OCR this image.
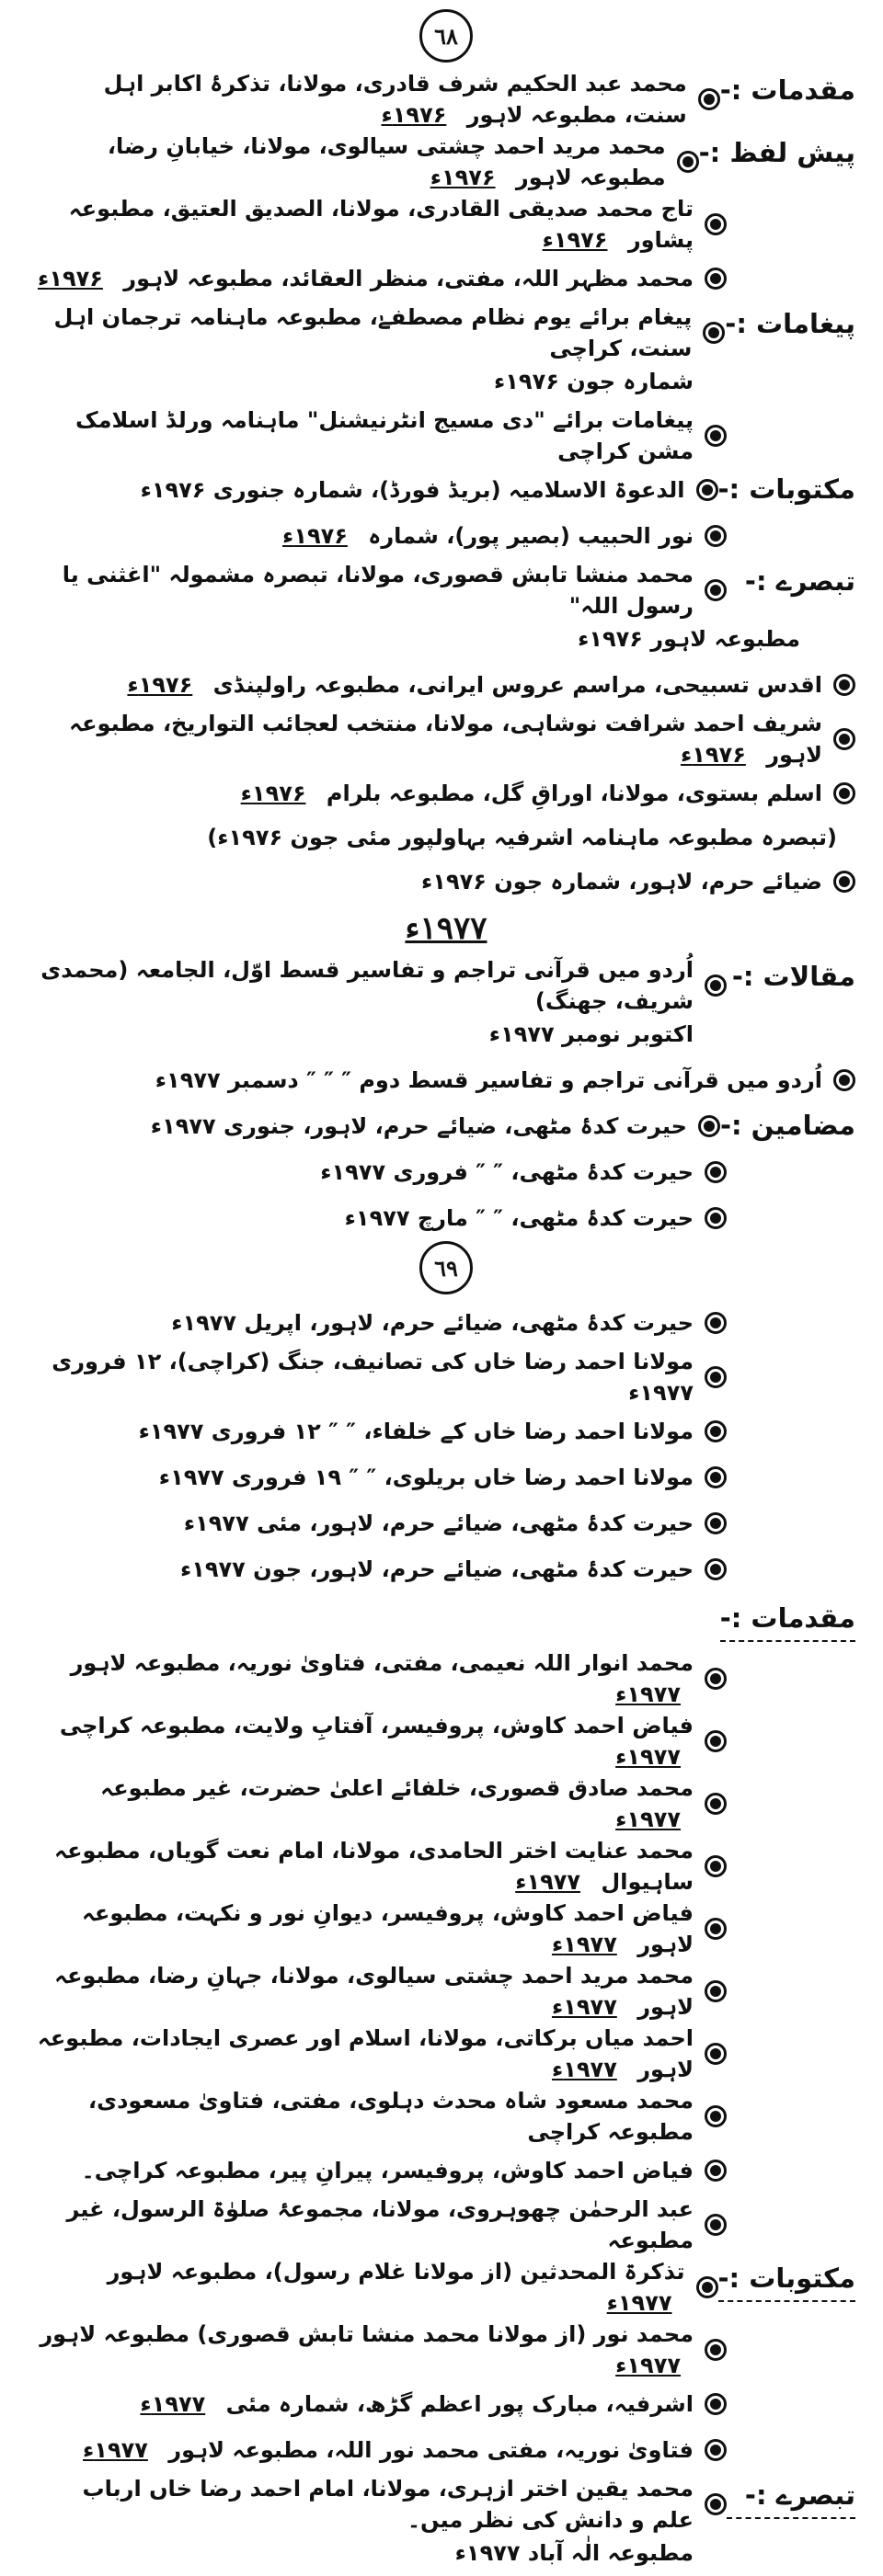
٦٨
مقدمات :-
محمد عبد الحکیم شرف قادری، مولانا، تذکرۂ اکابر اہل سنت، مطبوعہ لاہور ۱۹۷۶ء
پیش لفظ :-
محمد مرید احمد چشتی سیالوی، مولانا، خیابانِ رضا، مطبوعہ لاہور ۱۹۷۶ء
تاج محمد صدیقی القادری، مولانا، الصدیق العتیق، مطبوعہ پشاور ۱۹۷۶ء
محمد مظہر اللہ، مفتی، منظر العقائد، مطبوعہ لاہور ۱۹۷۶ء
پیغامات :-
پیغام برائے یوم نظام مصطفےٰ، مطبوعہ ماہنامہ ترجمان اہل سنت، کراچی
شمارہ جون ۱۹۷۶ء
پیغامات برائے "دی مسیج انٹرنیشنل" ماہنامہ ورلڈ اسلامک مشن کراچی
مکتوبات :-
الدعوۃ الاسلامیہ (بریڈ فورڈ)، شمارہ جنوری ۱۹۷۶ء
نور الحبیب (بصیر پور)، شمارہ ۱۹۷۶ء
تبصرے :-
محمد منشا تابش قصوری، مولانا، تبصرہ مشمولہ "اغثنی یا رسول اللہ"
مطبوعہ لاہور ۱۹۷۶ء
اقدس تسبیحی، مراسم عروس ایرانی، مطبوعہ راولپنڈی ۱۹۷۶ء
شریف احمد شرافت نوشاہی، مولانا، منتخب لعجائب التواریخ، مطبوعہ لاہور ۱۹۷۶ء
اسلم بستوی، مولانا، اوراقِ گل، مطبوعہ بلرام ۱۹۷۶ء
(تبصرہ مطبوعہ ماہنامہ اشرفیہ بہاولپور مئی جون ۱۹۷۶ء)
ضیائے حرم، لاہور، شمارہ جون ۱۹۷۶ء
۱۹۷۷ء
مقالات :-
اُردو میں قرآنی تراجم و تفاسیر قسط اوّل، الجامعہ (محمدی شریف، جھنگ)
اکتوبر نومبر ۱۹۷۷ء
اُردو میں قرآنی تراجم و تفاسیر قسط دوم ″ ″ ″ دسمبر ۱۹۷۷ء
مضامین :-
حیرت کدۂ مٹھی، ضیائے حرم، لاہور، جنوری ۱۹۷۷ء
حیرت کدۂ مٹھی، ″ ″ فروری ۱۹۷۷ء
حیرت کدۂ مٹھی، ″ ″ مارچ ۱۹۷۷ء
٦٩
حیرت کدۂ مٹھی، ضیائے حرم، لاہور، اپریل ۱۹۷۷ء
مولانا احمد رضا خاں کی تصانیف، جنگ (کراچی)، ۱۲ فروری ۱۹۷۷ء
مولانا احمد رضا خاں کے خلفاء، ″ ″ ۱۲ فروری ۱۹۷۷ء
مولانا احمد رضا خاں بریلوی، ″ ″ ۱۹ فروری ۱۹۷۷ء
حیرت کدۂ مٹھی، ضیائے حرم، لاہور، مئی ۱۹۷۷ء
حیرت کدۂ مٹھی، ضیائے حرم، لاہور، جون ۱۹۷۷ء
مقدمات :-
محمد انوار اللہ نعیمی، مفتی، فتاویٰ نوریہ، مطبوعہ لاہور ۱۹۷۷ء
فیاض احمد کاوش، پروفیسر، آفتابِ ولایت، مطبوعہ کراچی ۱۹۷۷ء
محمد صادق قصوری، خلفائے اعلیٰ حضرت، غیر مطبوعہ ۱۹۷۷ء
محمد عنایت اختر الحامدی، مولانا، امام نعت گویاں، مطبوعہ ساہیوال ۱۹۷۷ء
فیاض احمد کاوش، پروفیسر، دیوانِ نور و نکہت، مطبوعہ لاہور ۱۹۷۷ء
محمد مرید احمد چشتی سیالوی، مولانا، جہانِ رضا، مطبوعہ لاہور ۱۹۷۷ء
احمد میاں برکاتی، مولانا، اسلام اور عصری ایجادات، مطبوعہ لاہور ۱۹۷۷ء
محمد مسعود شاہ محدث دہلوی، مفتی، فتاویٰ مسعودی، مطبوعہ کراچی
فیاض احمد کاوش، پروفیسر، پیرانِ پیر، مطبوعہ کراچی۔
عبد الرحمٰن چھوہروی، مولانا، مجموعۂ صلوٰۃ الرسول، غیر مطبوعہ
مکتوبات :-
تذکرۃ المحدثین (از مولانا غلام رسول)، مطبوعہ لاہور ۱۹۷۷ء
محمد نور (از مولانا محمد منشا تابش قصوری) مطبوعہ لاہور ۱۹۷۷ء
اشرفیہ، مبارک پور اعظم گڑھ، شمارہ مئی ۱۹۷۷ء
فتاویٰ نوریہ، مفتی محمد نور اللہ، مطبوعہ لاہور ۱۹۷۷ء
تبصرے :-
محمد یقین اختر ازہری، مولانا، امام احمد رضا خاں ارباب علم و دانش کی نظر میں۔
مطبوعہ الٰہ آباد ۱۹۷۷ء
